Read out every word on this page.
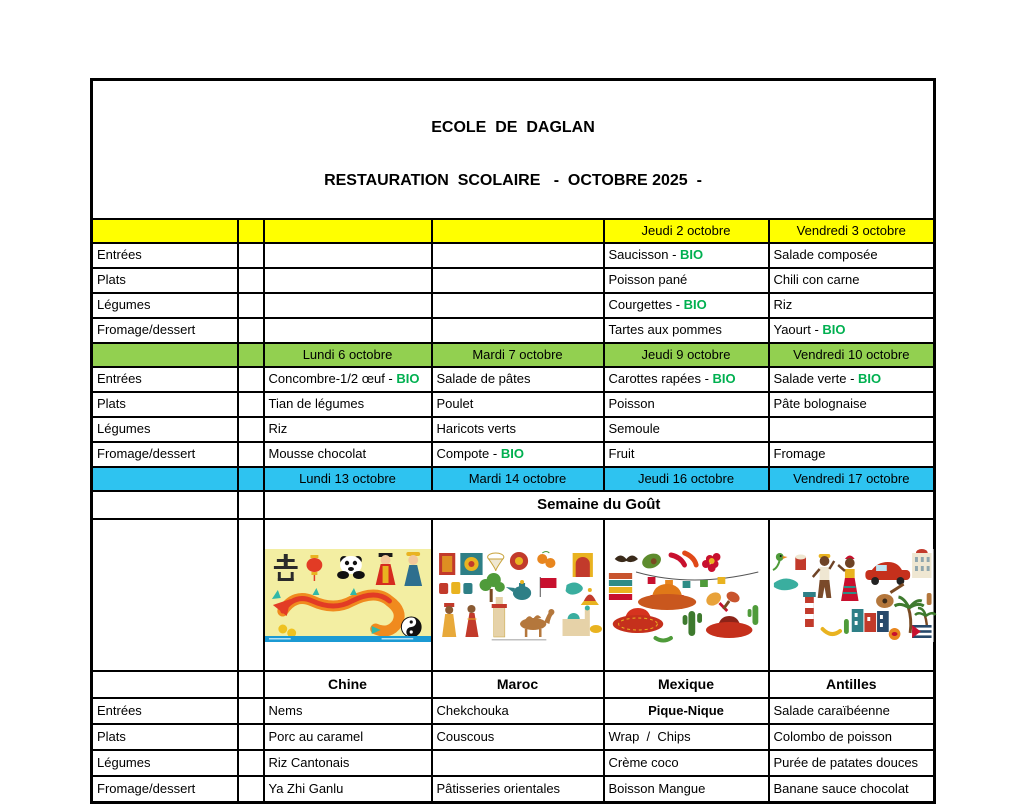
ECOLE  DE  DAGLAN

RESTAURATION  SCOLAIRE   -  OCTOBRE 2025  -					

				Jeudi 2 octobre	Vendredi 3 octobre
Entrées				Saucisson - BIO	Salade composée
Plats				Poisson pané	Chili con carne
Légumes				Courgettes - BIO	Riz
Fromage/dessert				Tartes aux pommes	Yaourt - BIO
		Lundi 6 octobre	Mardi 7 octobre	Jeudi 9 octobre	Vendredi 10 octobre
Entrées		Concombre-1/2 œuf - BIO	Salade de pâtes	Carottes rapées - BIO	Salade verte - BIO
Plats		Tian de légumes	Poulet	Poisson	Pâte bolognaise
Légumes		Riz	Haricots verts	Semoule	
Fromage/dessert		Mousse chocolat	Compote - BIO	Fruit	Fromage
		Lundi 13 octobre	Mardi 14 octobre	Jeudi 16 octobre	Vendredi 17 octobre
		Semaine du Goût			

		Chine	Maroc	Mexique	Antilles
Entrées		Nems	Chekchouka	Pique-Nique	Salade caraïbéenne
Plats		Porc au caramel	Couscous	Wrap  /  Chips	Colombo de poisson
Légumes		Riz Cantonais		Crème coco	Purée de patates douces
Fromage/dessert		Ya Zhi Ganlu	Pâtisseries orientales	Boisson Mangue	Banane sauce chocolat
